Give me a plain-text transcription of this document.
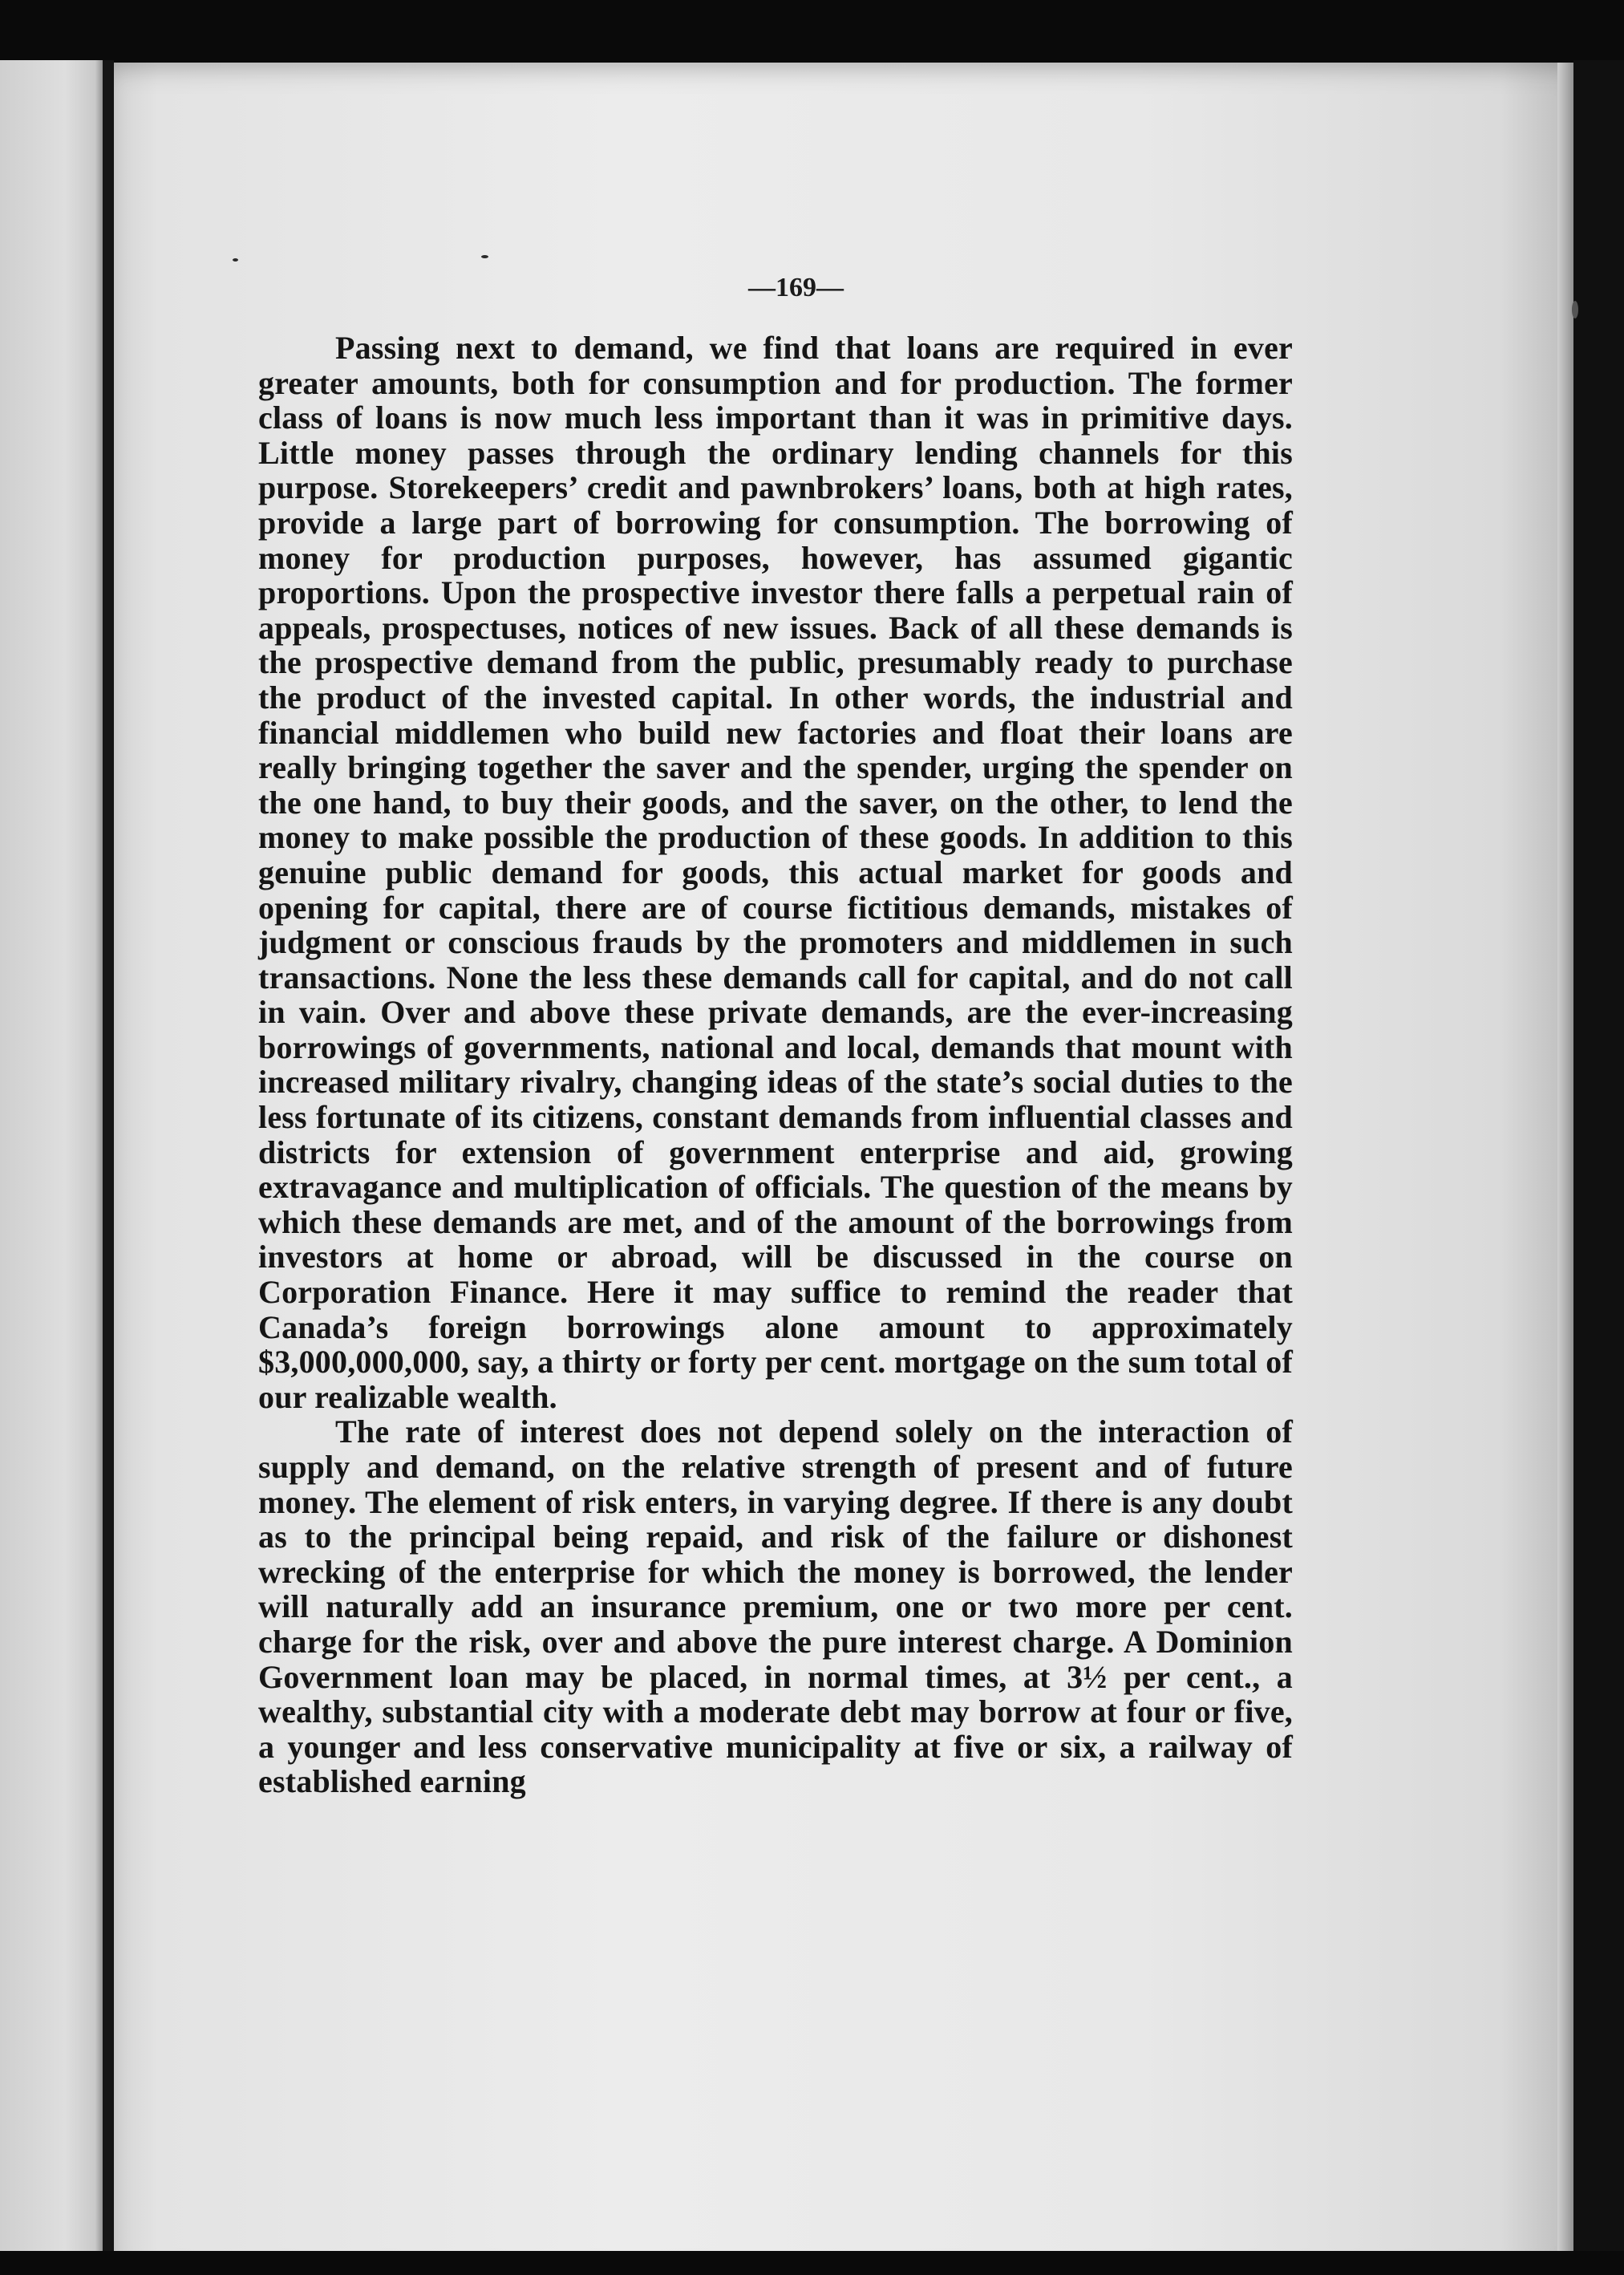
—169—

Passing next to demand, we find that loans are required in ever greater amounts, both for consumption and for production. The former class of loans is now much less important than it was in primitive days. Little money passes through the ordinary lending channels for this purpose. Storekeepers’ credit and pawnbrokers’ loans, both at high rates, provide a large part of borrowing for consumption. The borrowing of money for production purposes, however, has assumed gigantic proportions. Upon the prospective investor there falls a perpetual rain of appeals, prospectuses, notices of new issues. Back of all these demands is the prospective demand from the public, presumably ready to purchase the product of the invested capital. In other words, the industrial and financial middlemen who build new factories and float their loans are really bringing together the saver and the spender, urging the spender on the one hand, to buy their goods, and the saver, on the other, to lend the money to make possible the production of these goods. In addition to this genuine public demand for goods, this actual market for goods and opening for capital, there are of course fictitious demands, mistakes of judgment or conscious frauds by the promoters and middlemen in such transactions. None the less these demands call for capital, and do not call in vain. Over and above these private demands, are the ever-increasing borrowings of governments, national and local, demands that mount with increased military rivalry, changing ideas of the state’s social duties to the less fortunate of its citizens, constant demands from influential classes and districts for extension of government enterprise and aid, growing extravagance and multiplication of officials. The question of the means by which these demands are met, and of the amount of the borrowings from investors at home or abroad, will be discussed in the course on Corporation Finance. Here it may suffice to remind the reader that Canada’s foreign borrowings alone amount to approximately $3,000,000,000, say, a thirty or forty per cent. mortgage on the sum total of our realizable wealth.

The rate of interest does not depend solely on the interaction of supply and demand, on the relative strength of present and of future money. The element of risk enters, in varying degree. If there is any doubt as to the principal being repaid, and risk of the failure or dishonest wrecking of the enterprise for which the money is borrowed, the lender will naturally add an insurance premium, one or two more per cent. charge for the risk, over and above the pure interest charge. A Dominion Government loan may be placed, in normal times, at 3½ per cent., a wealthy, substantial city with a moderate debt may borrow at four or five, a younger and less conservative municipality at five or six, a railway of established earning
